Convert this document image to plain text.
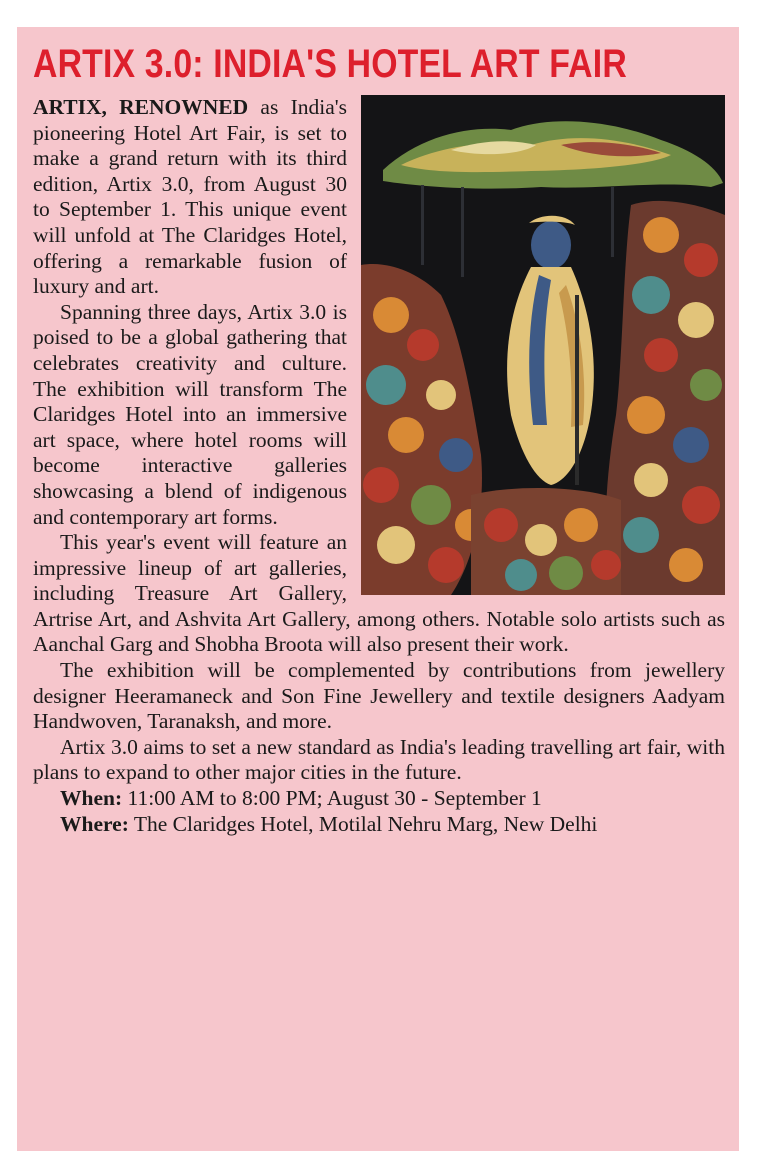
ARTIX 3.0: INDIA'S HOTEL ART FAIR

ARTIX, RENOWNED as India's pioneering Hotel Art Fair, is set to make a grand return with its third edition, Artix 3.0, from August 30 to September 1. This unique event will unfold at The Claridges Hotel, offering a remarkable fusion of luxury and art.

Spanning three days, Artix 3.0 is poised to be a global gathering that celebrates creativity and culture. The exhibition will transform The Claridges Hotel into an immersive art space, where hotel rooms will become interactive galleries showcasing a blend of indigenous and contemporary art forms.

This year's event will feature an impressive lineup of art galleries, including Treasure Art Gallery, Artrise Art, and Ashvita Art Gallery, among others. Notable solo artists such as Aanchal Garg and Shobha Broota will also present their work.

The exhibition will be complemented by contributions from jewellery designer Heeramaneck and Son Fine Jewellery and textile designers Aadyam Handwoven, Taranaksh, and more.

Artix 3.0 aims to set a new standard as India's leading travelling art fair, with plans to expand to other major cities in the future.

When: 11:00 AM to 8:00 PM; August 30 - September 1
Where: The Claridges Hotel, Motilal Nehru Marg, New Delhi
